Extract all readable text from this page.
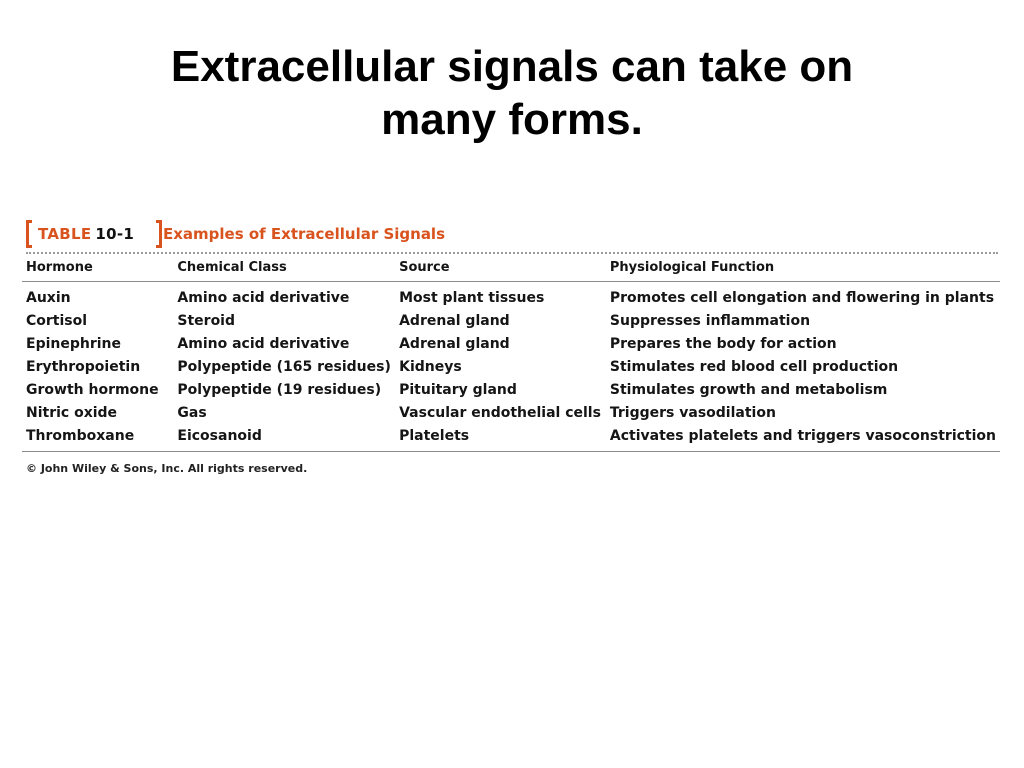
Extracellular signals can take on
many forms.
TABLE 10-1 Examples of Extracellular Signals
Hormone	Chemical Class	Source	Physiological Function
Auxin	Amino acid derivative	Most plant tissues	Promotes cell elongation and flowering in plants
Cortisol	Steroid	Adrenal gland	Suppresses inflammation
Epinephrine	Amino acid derivative	Adrenal gland	Prepares the body for action
Erythropoietin	Polypeptide (165 residues)	Kidneys	Stimulates red blood cell production
Growth hormone	Polypeptide (19 residues)	Pituitary gland	Stimulates growth and metabolism
Nitric oxide	Gas	Vascular endothelial cells	Triggers vasodilation
Thromboxane	Eicosanoid	Platelets	Activates platelets and triggers vasoconstriction
© John Wiley & Sons, Inc. All rights reserved.
